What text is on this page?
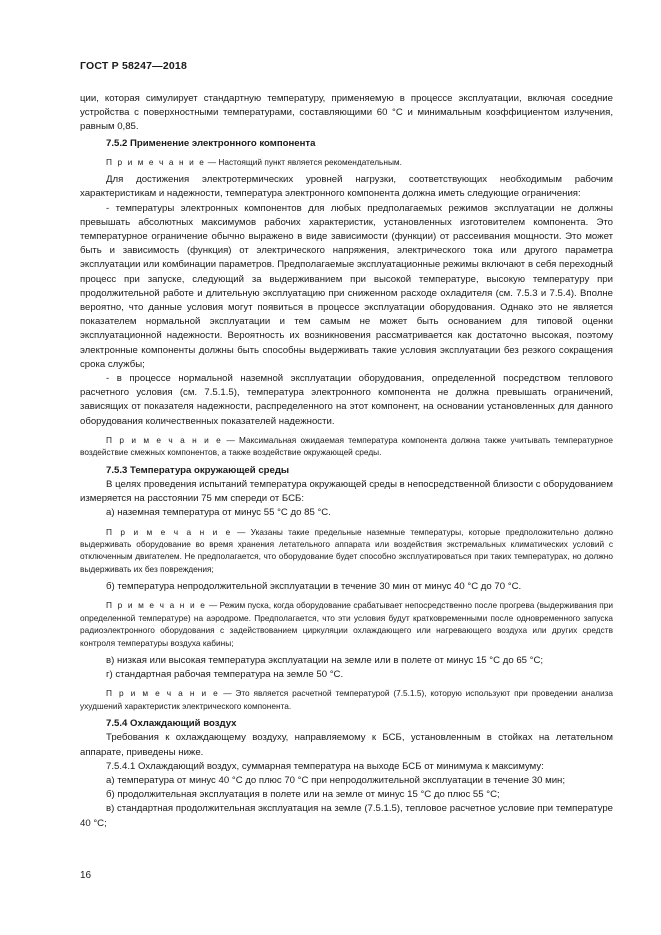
ГОСТ Р 58247—2018

ции, которая симулирует стандартную температуру, применяемую в процессе эксплуатации, включая соседние устройства с поверхностными температурами, составляющими 60 °С и минимальным коэффициентом излучения, равным 0,85.

7.5.2 Применение электронного компонента

П р и м е ч а н и е — Настоящий пункт является рекомендательным.

Для достижения электротермических уровней нагрузки, соответствующих необходимым рабочим характеристикам и надежности, температура электронного компонента должна иметь следующие ограничения:

- температуры электронных компонентов для любых предполагаемых режимов эксплуатации не должны превышать абсолютных максимумов рабочих характеристик, установленных изготовителем компонента. Это температурное ограничение обычно выражено в виде зависимости (функции) от рассеивания мощности. Это может быть и зависимость (функция) от электрического напряжения, электрического тока или другого параметра эксплуатации или комбинации параметров. Предполагаемые эксплуатационные режимы включают в себя переходный процесс при запуске, следующий за выдерживанием при высокой температуре, высокую температуру при продолжительной работе и длительную эксплуатацию при сниженном расходе охладителя (см. 7.5.3 и 7.5.4). Вполне вероятно, что данные условия могут появиться в процессе эксплуатации оборудования. Однако это не является показателем нормальной эксплуатации и тем самым не может быть основанием для типовой оценки эксплуатационной надежности. Вероятность их возникновения рассматривается как достаточно высокая, поэтому электронные компоненты должны быть способны выдерживать такие условия эксплуатации без резкого сокращения срока службы;

- в процессе нормальной наземной эксплуатации оборудования, определенной посредством теплового расчетного условия (см. 7.5.1.5), температура электронного компонента не должна превышать ограничений, зависящих от показателя надежности, распределенного на этот компонент, на основании установленных для данного оборудования количественных показателей надежности.

П р и м е ч а н и е — Максимальная ожидаемая температура компонента должна также учитывать температурное воздействие смежных компонентов, а также воздействие окружающей среды.

7.5.3 Температура окружающей среды

В целях проведения испытаний температура окружающей среды в непосредственной близости с оборудованием измеряется на расстоянии 75 мм спереди от БСБ:

а) наземная температура от минус 55 °С до 85 °С.

П р и м е ч а н и е — Указаны такие предельные наземные температуры, которые предположительно должно выдерживать оборудование во время хранения летательного аппарата или воздействия экстремальных климатических условий с отключенным двигателем. Не предполагается, что оборудование будет способно эксплуатироваться при таких температурах, но должно выдерживать их без повреждения;

б) температура непродолжительной эксплуатации в течение 30 мин от минус 40 °С до 70 °С.

П р и м е ч а н и е — Режим пуска, когда оборудование срабатывает непосредственно после прогрева (выдерживания при определенной температуре) на аэродроме. Предполагается, что эти условия будут кратковременными после одновременного запуска радиоэлектронного оборудования с задействованием циркуляции охлаждающего или нагревающего воздуха или других средств контроля температуры воздуха кабины;

в) низкая или высокая температура эксплуатации на земле или в полете от минус 15 °С до 65 °С;

г) стандартная рабочая температура на земле 50 °С.

П р и м е ч а н и е — Это является расчетной температурой (7.5.1.5), которую используют при проведении анализа ухудшений характеристик электрического компонента.

7.5.4 Охлаждающий воздух

Требования к охлаждающему воздуху, направляемому к БСБ, установленным в стойках на летательном аппарате, приведены ниже.

7.5.4.1 Охлаждающий воздух, суммарная температура на выходе БСБ от минимума к максимуму:

а) температура от минус 40 °С до плюс 70 °С при непродолжительной эксплуатации в течение 30 мин;

б) продолжительная эксплуатация в полете или на земле от минус 15 °С до плюс 55 °С;

в) стандартная продолжительная эксплуатация на земле (7.5.1.5), тепловое расчетное условие при температуре 40 °С;

16
